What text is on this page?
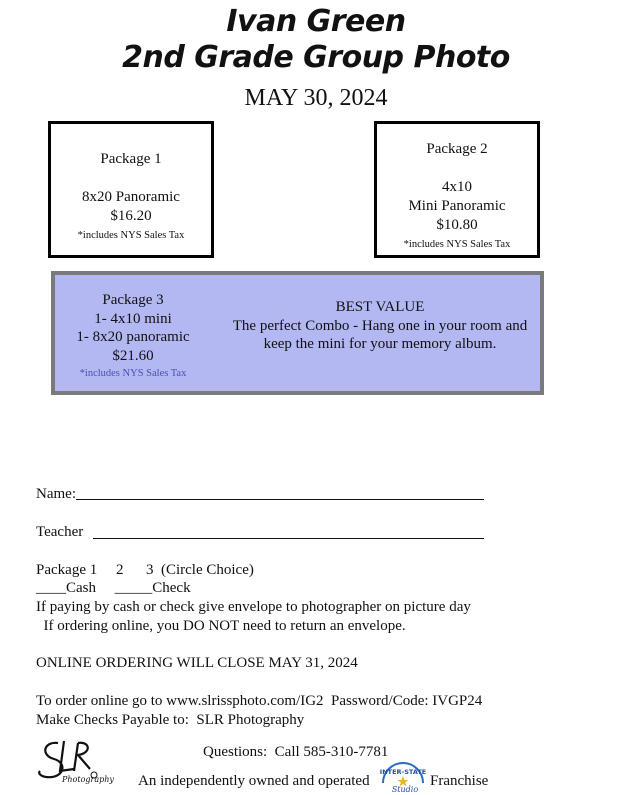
Ivan Green
2nd Grade Group Photo
MAY 30, 2024
Package 1
8x20 Panoramic
$16.20
*includes NYS Sales Tax
Package 2
4x10
Mini Panoramic
$10.80
*includes NYS Sales Tax
Package 3
1- 4x10 mini
1- 8x20 panoramic
$21.60
*includes NYS Sales Tax
BEST VALUE
The perfect Combo - Hang one in your room and keep the mini for your memory album.
Name:
Teacher
Package 1     2      3  (Circle Choice)
____Cash     _____Check
If paying by cash or check give envelope to photographer on picture day
If ordering online, you DO NOT need to return an envelope.
ONLINE ORDERING WILL CLOSE MAY 31, 2024
To order online go to www.slrissphoto.com/IG2  Password/Code: IVGP24
Make Checks Payable to:  SLR Photography
Photography
Questions:  Call 585-310-7781
An independently owned and operated
INTER-STATE
Studio
Franchise
